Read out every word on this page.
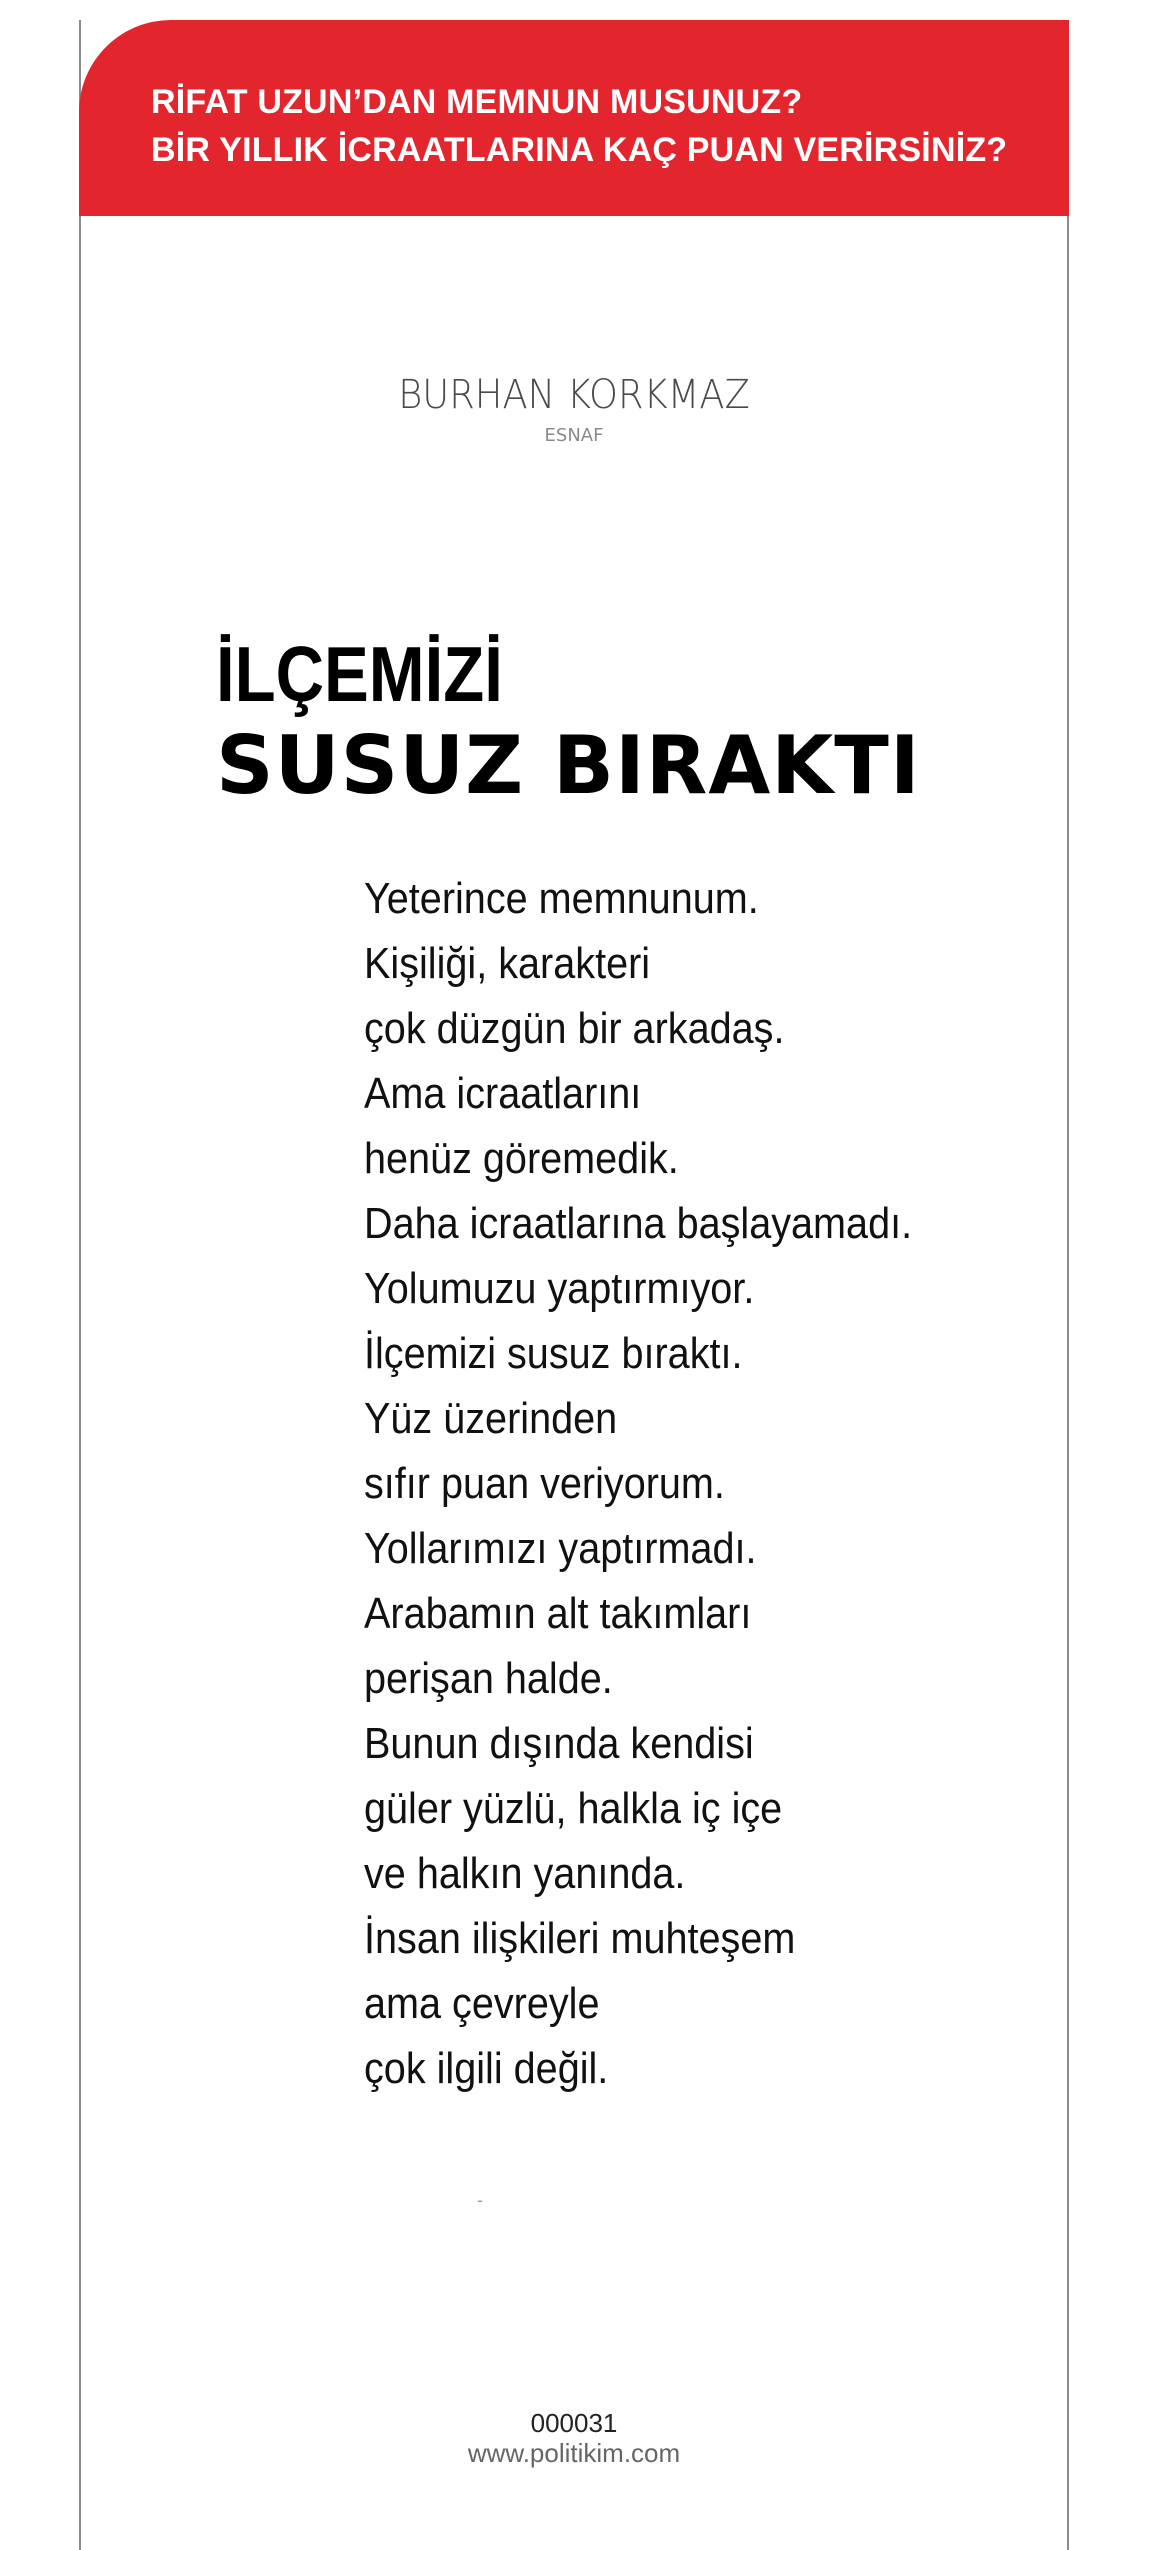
RİFAT UZUN’DAN MEMNUN MUSUNUZ?
BİR YILLIK İCRAATLARINA KAÇ PUAN VERİRSİNİZ?
BURHAN KORKMAZ
ESNAF
İLÇEMİZİ
SUSUZ BIRAKTI
Yeterince memnunum.
Kişiliği, karakteri
çok düzgün bir arkadaş.
Ama icraatlarını
henüz göremedik.
Daha icraatlarına başlayamadı.
Yolumuzu yaptırmıyor.
İlçemizi susuz bıraktı.
Yüz üzerinden
sıfır puan veriyorum.
Yollarımızı yaptırmadı.
Arabamın alt takımları
perişan halde.
Bunun dışında kendisi
güler yüzlü, halkla iç içe
ve halkın yanında.
İnsan ilişkileri muhteşem
ama çevreyle
çok ilgili değil.
-
000031
www.politikim.com
